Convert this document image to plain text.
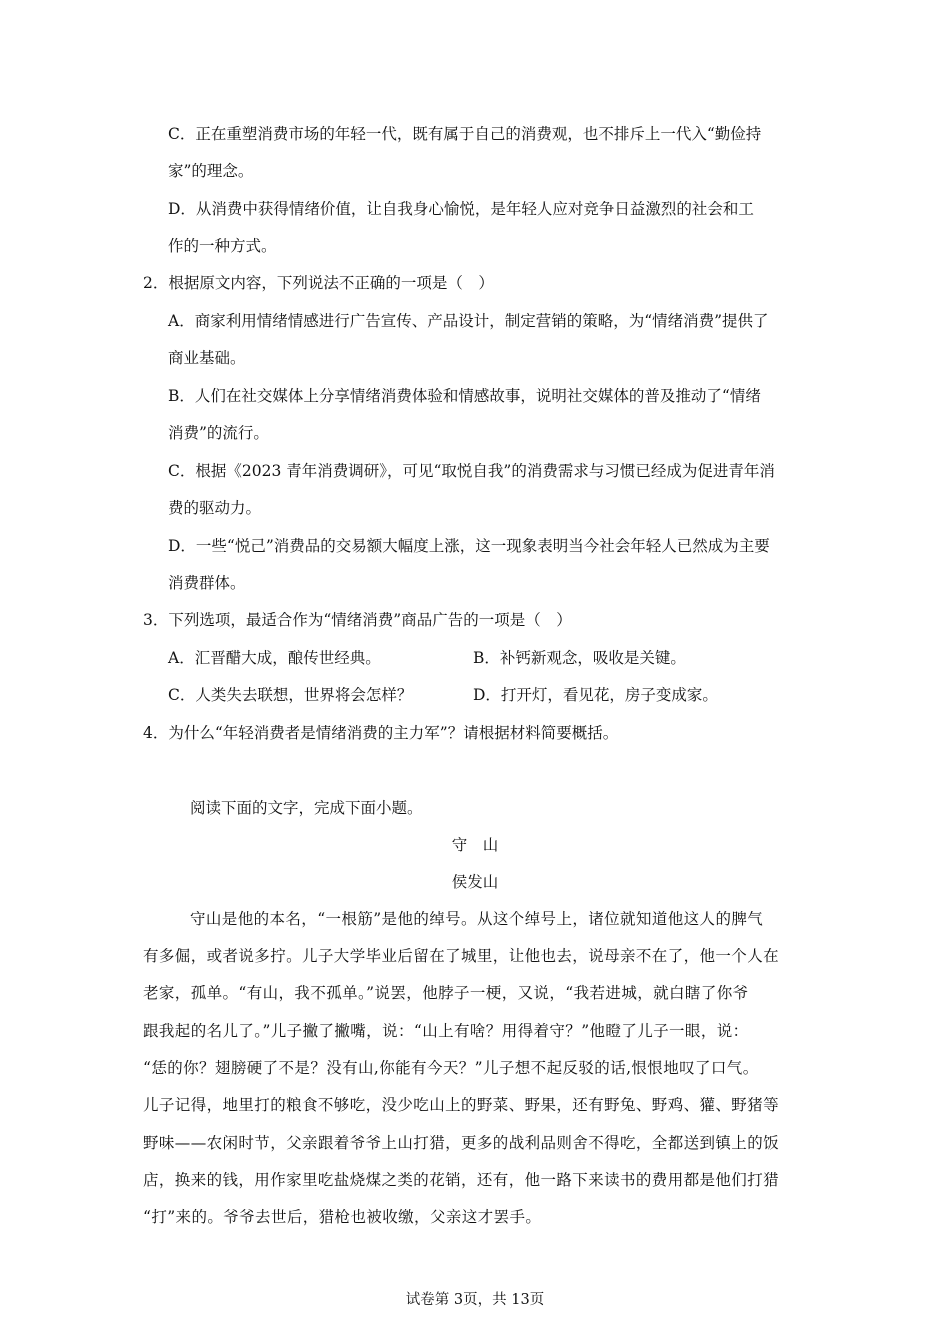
C．正在重塑消费市场的年轻一代，既有属于自己的消费观，也不排斥上一代入“勤俭持
家”的理念。
D．从消费中获得情绪价值，让自我身心愉悦，是年轻人应对竞争日益激烈的社会和工
作的一种方式。
2．根据原文内容，下列说法不正确的一项是（　）
A．商家利用情绪情感进行广告宣传、产品设计，制定营销的策略，为“情绪消费”提供了
商业基础。
B．人们在社交媒体上分享情绪消费体验和情感故事，说明社交媒体的普及推动了“情绪
消费”的流行。
C．根据《2023 青年消费调研》，可见“取悦自我”的消费需求与习惯已经成为促进青年消
费的驱动力。
D．一些“悦己”消费品的交易额大幅度上涨，这一现象表明当今社会年轻人已然成为主要
消费群体。
3．下列选项，最适合作为“情绪消费”商品广告的一项是（　）
A．汇晋醋大成，酿传世经典。	B．补钙新观念，吸收是关键。
C．人类失去联想，世界将会怎样？	D．打开灯，看见花，房子变成家。
4．为什么“年轻消费者是情绪消费的主力军”？请根据材料简要概括。
阅读下面的文字，完成下面小题。
守　山
侯发山
守山是他的本名，“一根筋”是他的绰号。从这个绰号上，诸位就知道他这人的脾气
有多倔，或者说多拧。儿子大学毕业后留在了城里，让他也去，说母亲不在了，他一个人在
老家，孤单。“有山，我不孤单。”说罢，他脖子一梗，又说，“我若进城，就白瞎了你爷
跟我起的名儿了。”儿子撇了撇嘴，说：“山上有啥？用得着守？”他瞪了儿子一眼，说：
“恁的你？翅膀硬了不是？没有山,你能有今天？”儿子想不起反驳的话,恨恨地叹了口气。
儿子记得，地里打的粮食不够吃，没少吃山上的野菜、野果，还有野兔、野鸡、獾、野猪等
野味——农闲时节，父亲跟着爷爷上山打猎，更多的战利品则舍不得吃，全都送到镇上的饭
店，换来的钱，用作家里吃盐烧煤之类的花销，还有，他一路下来读书的费用都是他们打猎
“打”来的。爷爷去世后，猎枪也被收缴，父亲这才罢手。
试卷第 3页，共 13页
